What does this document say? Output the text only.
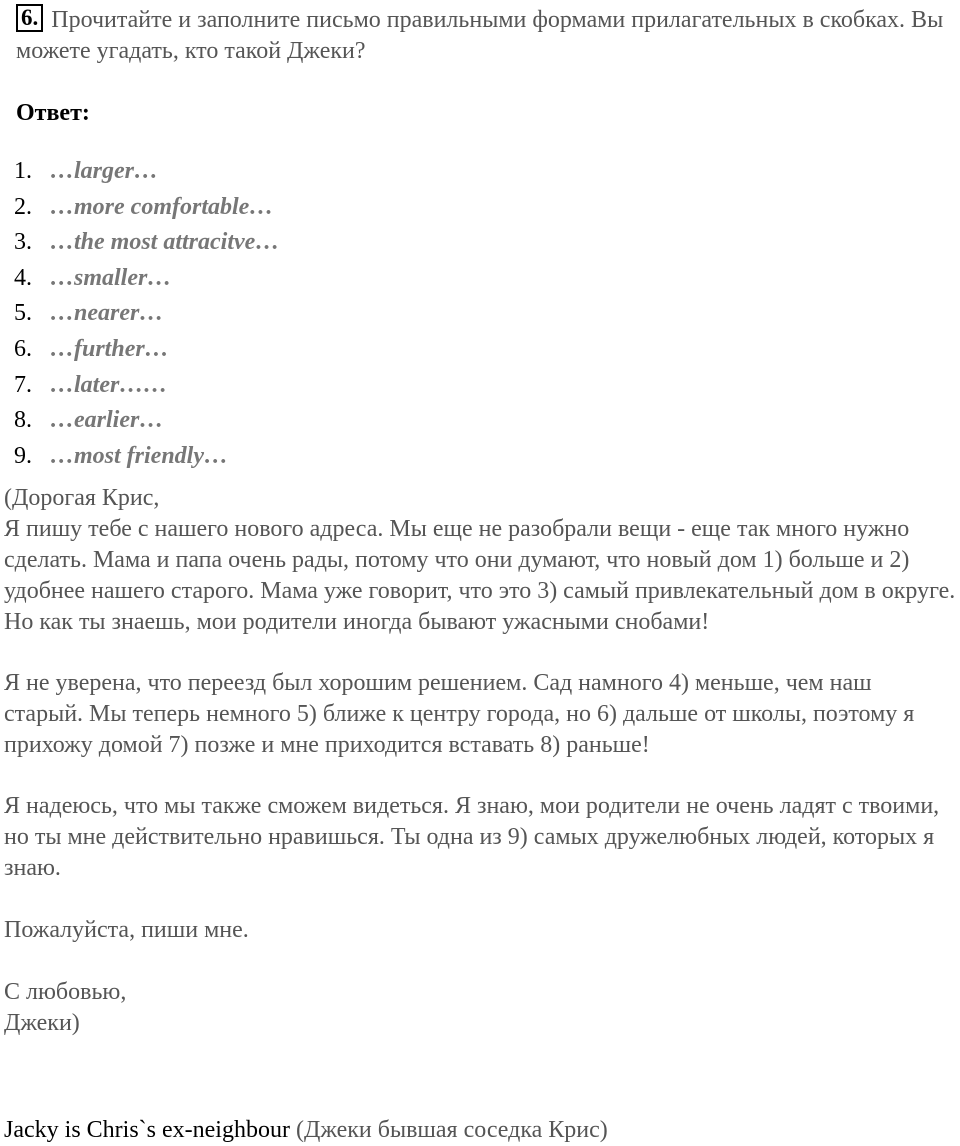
6. Прочитайте и заполните письмо правильными формами прилагательных в скобках. Вы можете угадать, кто такой Джеки?
Ответ:
1. …larger…
2. …more comfortable…
3. …the most attracitve…
4. …smaller…
5. …nearer…
6. …further…
7. …later……
8. …earlier…
9. …most friendly…

(Дорогая Крис,

Я пишу тебе с нашего нового адреса. Мы еще не разобрали вещи - еще так много нужно сделать. Мама и папа очень рады, потому что они думают, что новый дом 1) больше и 2) удобнее нашего старого. Мама уже говорит, что это 3) самый привлекательный дом в округе. Но как ты знаешь, мои родители иногда бывают ужасными снобами!

Я не уверена, что переезд был хорошим решением. Сад намного 4) меньше, чем наш старый. Мы теперь немного 5) ближе к центру города, но 6) дальше от школы, поэтому я прихожу домой 7) позже и мне приходится вставать 8) раньше!

Я надеюсь, что мы также сможем видеться. Я знаю, мои родители не очень ладят с твоими, но ты мне действительно нравишься. Ты одна из 9) самых дружелюбных людей, которых я знаю.

Пожалуйста, пиши мне.

С любовью,

Джеки)

Jacky is Chris`s ex-neighbour (Джеки бывшая соседка Крис)
